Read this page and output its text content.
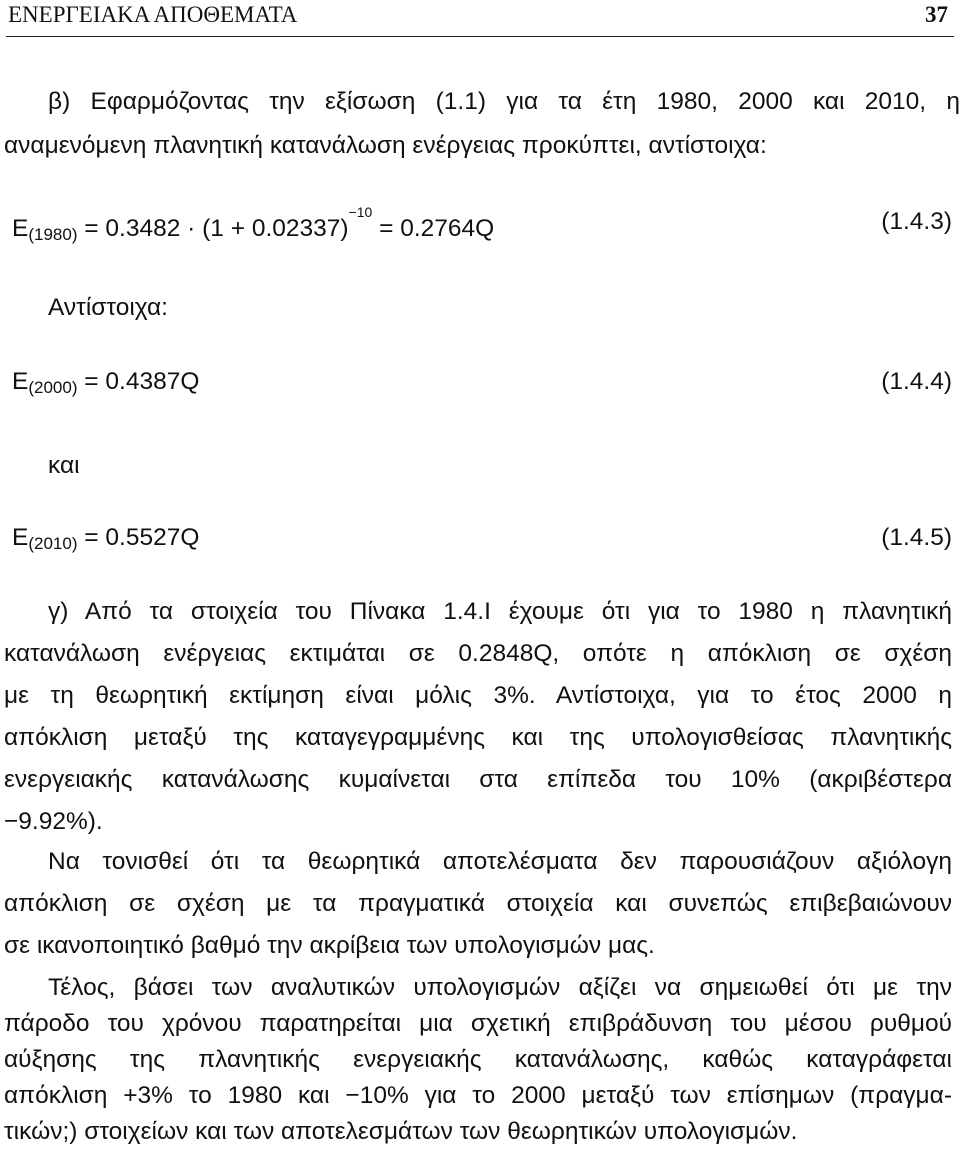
ΕΝΕΡΓΕΙΑΚΑ ΑΠΟΘΕΜΑΤΑ	37
β) Εφαρμόζοντας την εξίσωση (1.1) για τα έτη 1980, 2000 και 2010, η
αναμενόμενη πλανητική κατανάλωση ενέργειας προκύπτει, αντίστοιχα:
$E_{(1980)} = 0.3482 \cdot (1 + 0.02337)^{-10} = 0.2764Q$	(1.4.3)
Αντίστοιχα:
$E_{(2000)} = 0.4387Q$	(1.4.4)
και
$E_{(2010)} = 0.5527Q$	(1.4.5)
γ) Από τα στοιχεία του Πίνακα 1.4.Ι έχουμε ότι για το 1980 η πλανητική
κατανάλωση ενέργειας εκτιμάται σε 0.2848Q, οπότε η απόκλιση σε σχέση
με τη θεωρητική εκτίμηση είναι μόλις 3%. Αντίστοιχα, για το έτος 2000 η
απόκλιση μεταξύ της καταγεγραμμένης και της υπολογισθείσας πλανητικής
ενεργειακής κατανάλωσης κυμαίνεται στα επίπεδα του 10% (ακριβέστερα
−9.92%).
Να τονισθεί ότι τα θεωρητικά αποτελέσματα δεν παρουσιάζουν αξιόλογη
απόκλιση σε σχέση με τα πραγματικά στοιχεία και συνεπώς επιβεβαιώνουν
σε ικανοποιητικό βαθμό την ακρίβεια των υπολογισμών μας.
Τέλος, βάσει των αναλυτικών υπολογισμών αξίζει να σημειωθεί ότι με την
πάροδο του χρόνου παρατηρείται μια σχετική επιβράδυνση του μέσου ρυθμού
αύξησης της πλανητικής ενεργειακής κατανάλωσης, καθώς καταγράφεται
απόκλιση +3% το 1980 και −10% για το 2000 μεταξύ των επίσημων (πραγμα-
τικών;) στοιχείων και των αποτελεσμάτων των θεωρητικών υπολογισμών.
